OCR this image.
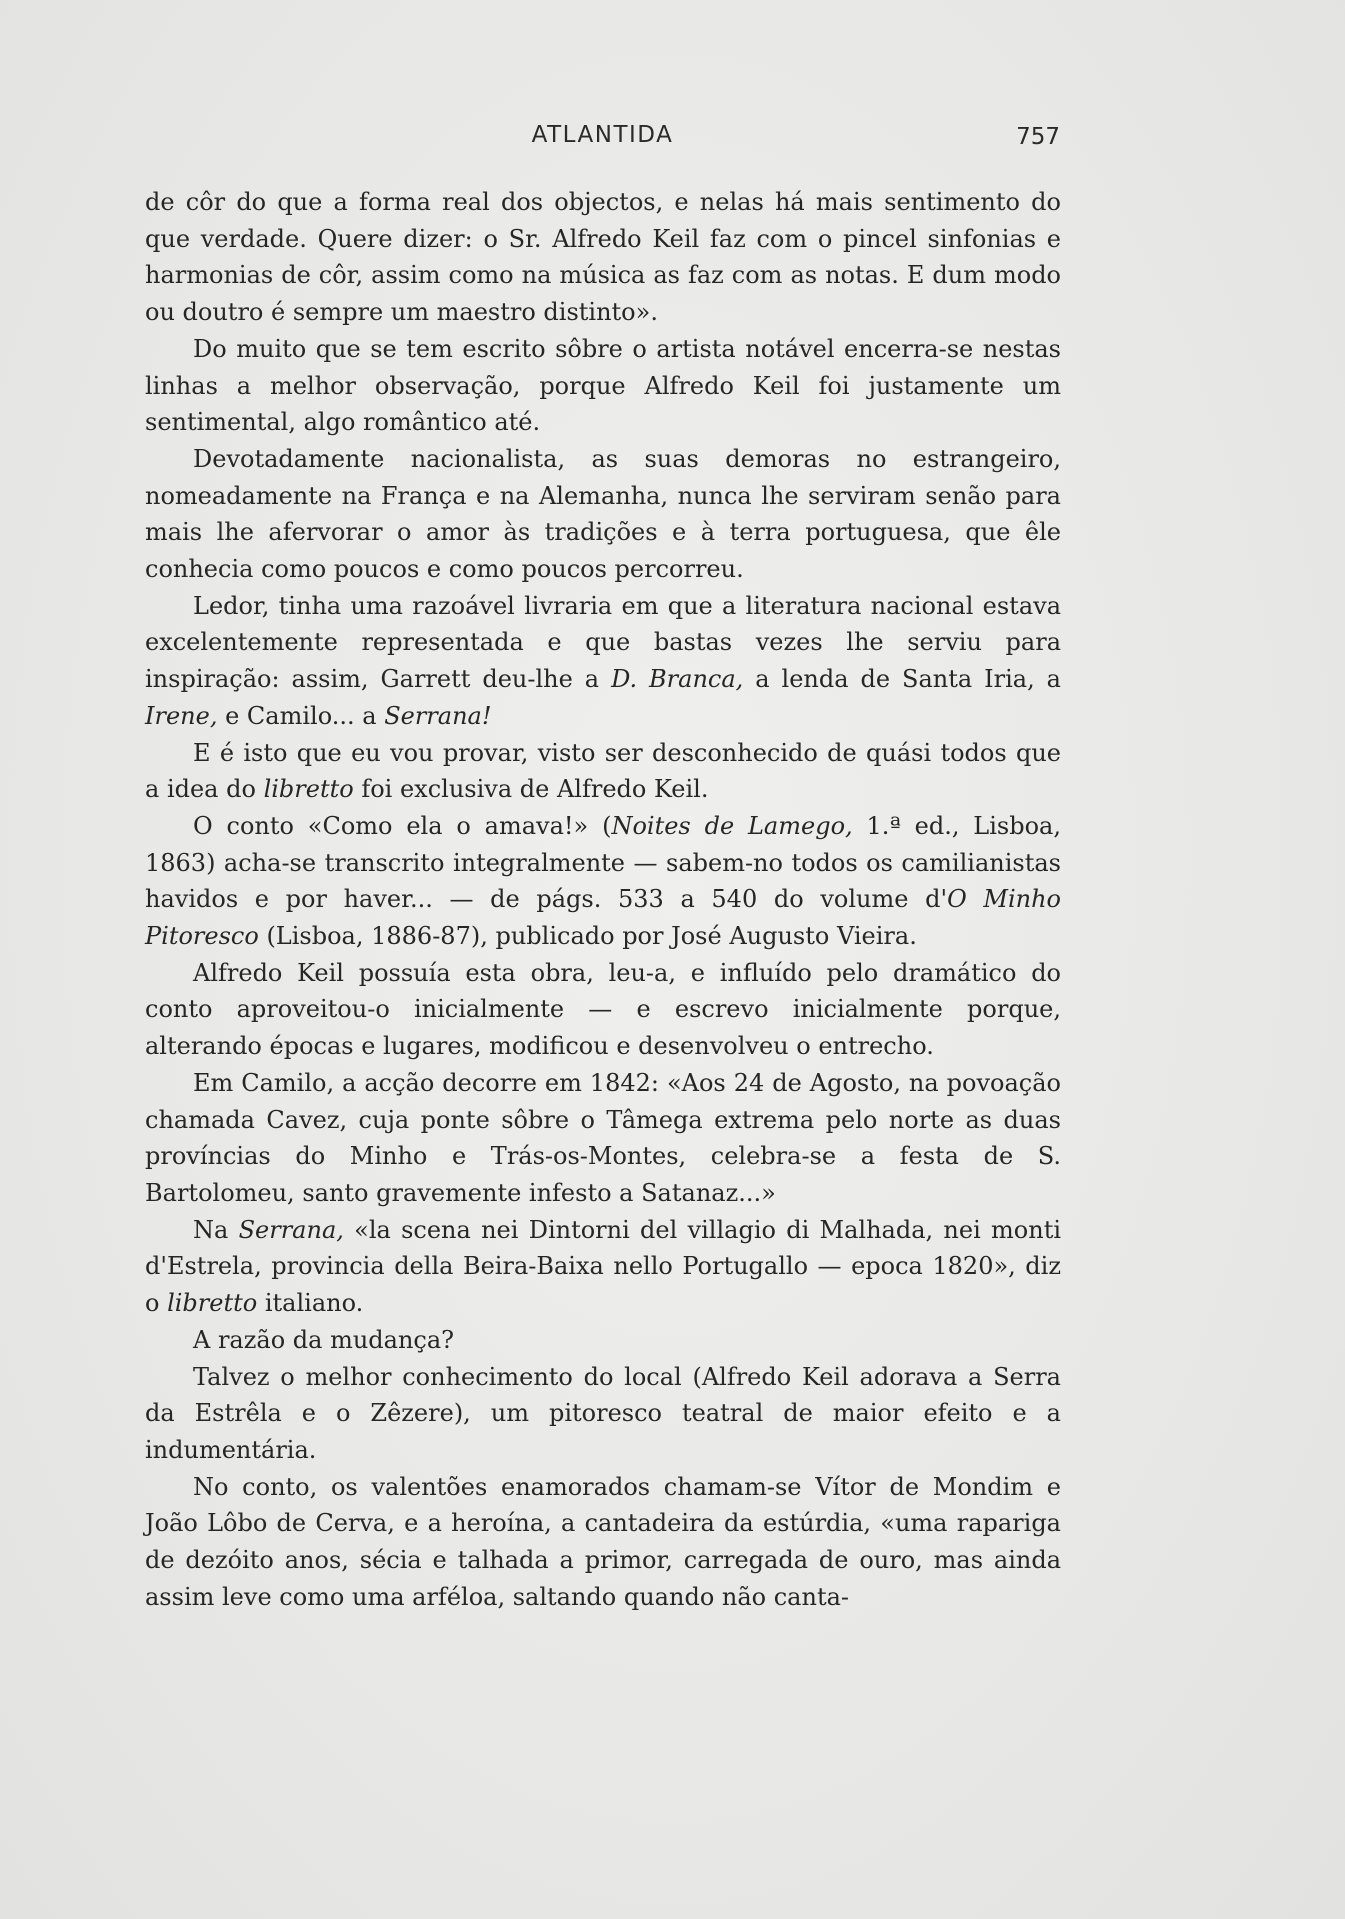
ATLANTIDA	757

de côr do que a forma real dos objectos, e nelas há mais sentimento do que verdade. Quere dizer: o Sr. Alfredo Keil faz com o pincel sinfonias e harmonias de côr, assim como na música as faz com as notas. E dum modo ou doutro é sempre um maestro distinto».

Do muito que se tem escrito sôbre o artista notável encerra-se nestas linhas a melhor observação, porque Alfredo Keil foi justamente um sentimental, algo romântico até.

Devotadamente nacionalista, as suas demoras no estrangeiro, nomeadamente na França e na Alemanha, nunca lhe serviram senão para mais lhe afervorar o amor às tradições e à terra portuguesa, que êle conhecia como poucos e como poucos percorreu.

Ledor, tinha uma razoável livraria em que a literatura nacional estava excelentemente representada e que bastas vezes lhe serviu para inspiração: assim, Garrett deu-lhe a D. Branca, a lenda de Santa Iria, a Irene, e Camilo... a Serrana!

E é isto que eu vou provar, visto ser desconhecido de quási todos que a idea do libretto foi exclusiva de Alfredo Keil.

O conto «Como ela o amava!» (Noites de Lamego, 1.ª ed., Lisboa, 1863) acha-se transcrito integralmente — sabem-no todos os camilianistas havidos e por haver... — de págs. 533 a 540 do volume d'O Minho Pitoresco (Lisboa, 1886-87), publicado por José Augusto Vieira.

Alfredo Keil possuía esta obra, leu-a, e influído pelo dramático do conto aproveitou-o inicialmente — e escrevo inicialmente porque, alterando épocas e lugares, modificou e desenvolveu o entrecho.

Em Camilo, a acção decorre em 1842: «Aos 24 de Agosto, na povoação chamada Cavez, cuja ponte sôbre o Tâmega extrema pelo norte as duas províncias do Minho e Trás-os-Montes, celebra-se a festa de S. Bartolomeu, santo gravemente infesto a Satanaz...»

Na Serrana, «la scena nei Dintorni del villagio di Malhada, nei monti d'Estrela, provincia della Beira-Baixa nello Portugallo — epoca 1820», diz o libretto italiano.

A razão da mudança?

Talvez o melhor conhecimento do local (Alfredo Keil adorava a Serra da Estrêla e o Zêzere), um pitoresco teatral de maior efeito e a indumentária.

No conto, os valentões enamorados chamam-se Vítor de Mondim e João Lôbo de Cerva, e a heroína, a cantadeira da estúrdia, «uma rapariga de dezóito anos, sécia e talhada a primor, carregada de ouro, mas ainda assim leve como uma arféloa, saltando quando não canta-
